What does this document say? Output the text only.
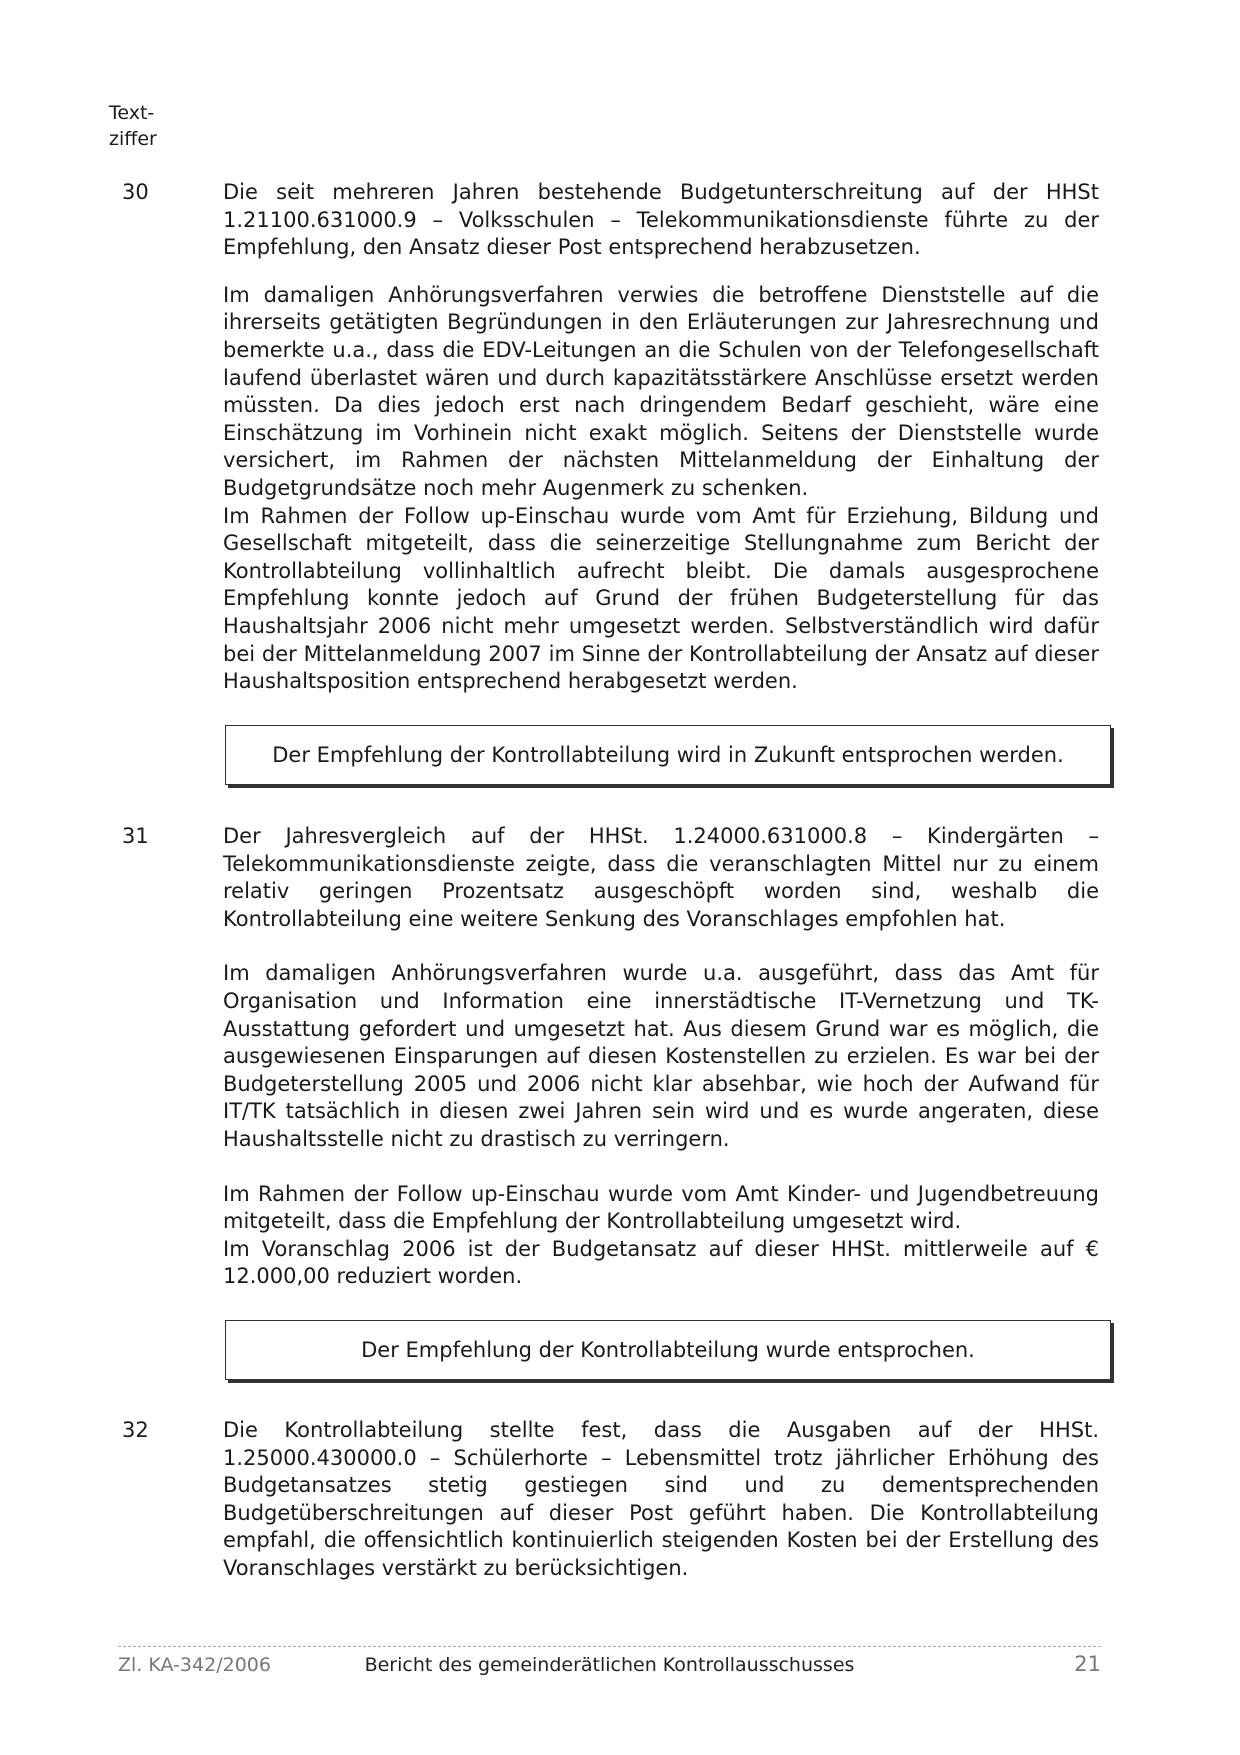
Text-
ziffer
30	Die seit mehreren Jahren bestehende Budgetunterschreitung auf der HHSt 1.21100.631000.9 – Volksschulen – Telekommunikationsdienste führte zu der Empfehlung, den Ansatz dieser Post entsprechend herabzusetzen.

Im damaligen Anhörungsverfahren verwies die betroffene Dienststelle auf die ihrerseits getätigten Begründungen in den Erläuterungen zur Jahresrechnung und bemerkte u.a., dass die EDV-Leitungen an die Schulen von der Telefongesellschaft laufend überlastet wären und durch kapazitätsstärkere Anschlüsse ersetzt werden müssten. Da dies jedoch erst nach dringendem Bedarf geschieht, wäre eine Einschätzung im Vorhinein nicht exakt möglich. Seitens der Dienststelle wurde versichert, im Rahmen der nächsten Mittelanmeldung der Einhaltung der Budgetgrundsätze noch mehr Augenmerk zu schenken.
Im Rahmen der Follow up-Einschau wurde vom Amt für Erziehung, Bildung und Gesellschaft mitgeteilt, dass die seinerzeitige Stellungnahme zum Bericht der Kontrollabteilung vollinhaltlich aufrecht bleibt. Die damals ausgesprochene Empfehlung konnte jedoch auf Grund der frühen Budgeterstellung für das Haushaltsjahr 2006 nicht mehr umgesetzt werden. Selbstverständlich wird dafür bei der Mittelanmeldung 2007 im Sinne der Kontrollabteilung der Ansatz auf dieser Haushaltsposition entsprechend herabgesetzt werden.

Der Empfehlung der Kontrollabteilung wird in Zukunft entsprochen werden.
31	Der Jahresvergleich auf der HHSt. 1.24000.631000.8 – Kindergärten – Telekommunikationsdienste zeigte, dass die veranschlagten Mittel nur zu einem relativ geringen Prozentsatz ausgeschöpft worden sind, weshalb die Kontrollabteilung eine weitere Senkung des Voranschlages empfohlen hat.

Im damaligen Anhörungsverfahren wurde u.a. ausgeführt, dass das Amt für Organisation und Information eine innerstädtische IT-Vernetzung und TK-Ausstattung gefordert und umgesetzt hat. Aus diesem Grund war es möglich, die ausgewiesenen Einsparungen auf diesen Kostenstellen zu erzielen. Es war bei der Budgeterstellung 2005 und 2006 nicht klar absehbar, wie hoch der Aufwand für IT/TK tatsächlich in diesen zwei Jahren sein wird und es wurde angeraten, diese Haushaltsstelle nicht zu drastisch zu verringern.

Im Rahmen der Follow up-Einschau wurde vom Amt Kinder- und Jugendbetreuung mitgeteilt, dass die Empfehlung der Kontrollabteilung umgesetzt wird.
Im Voranschlag 2006 ist der Budgetansatz auf dieser HHSt. mittlerweile auf € 12.000,00 reduziert worden.

Der Empfehlung der Kontrollabteilung wurde entsprochen.
32	Die Kontrollabteilung stellte fest, dass die Ausgaben auf der HHSt. 1.25000.430000.0 – Schülerhorte – Lebensmittel trotz jährlicher Erhöhung des Budgetansatzes stetig gestiegen sind und zu dementsprechenden Budgetüberschreitungen auf dieser Post geführt haben. Die Kontrollabteilung empfahl, die offensichtlich kontinuierlich steigenden Kosten bei der Erstellung des Voranschlages verstärkt zu berücksichtigen.

Zl. KA-342/2006	Bericht des gemeinderätlichen Kontrollausschusses	21
